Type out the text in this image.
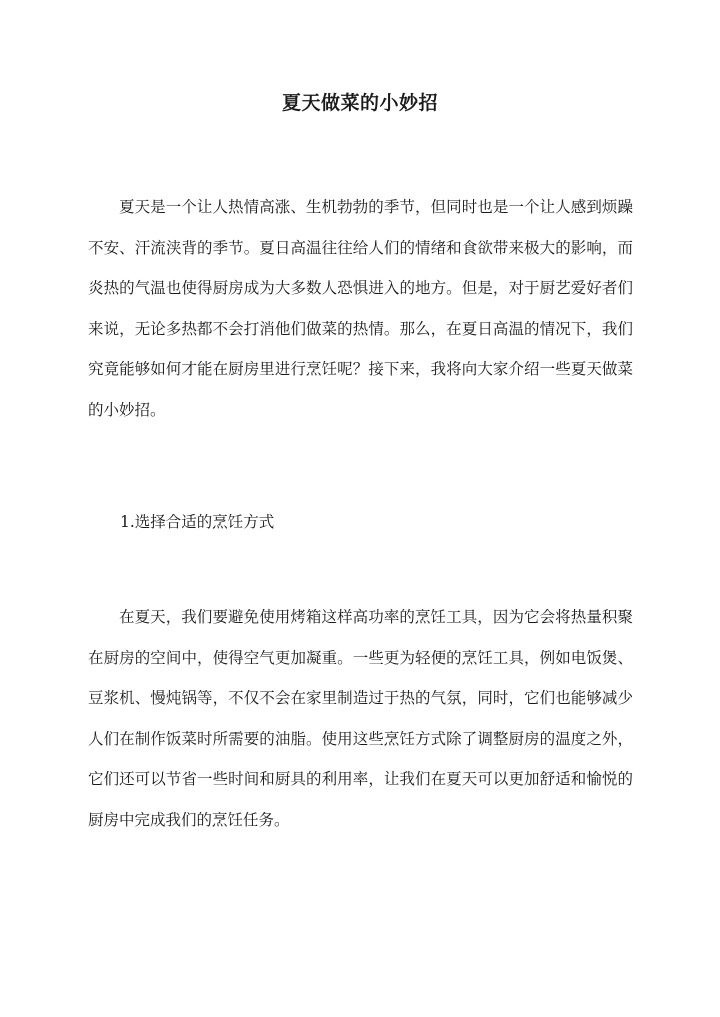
夏天做菜的小妙招

夏天是一个让人热情高涨、生机勃勃的季节，但同时也是一个让人感到烦躁不安、汗流浃背的季节。夏日高温往往给人们的情绪和食欲带来极大的影响，而炎热的气温也使得厨房成为大多数人恐惧进入的地方。但是，对于厨艺爱好者们来说，无论多热都不会打消他们做菜的热情。那么，在夏日高温的情况下，我们究竟能够如何才能在厨房里进行烹饪呢？接下来，我将向大家介绍一些夏天做菜的小妙招。

1.选择合适的烹饪方式

在夏天，我们要避免使用烤箱这样高功率的烹饪工具，因为它会将热量积聚在厨房的空间中，使得空气更加凝重。一些更为轻便的烹饪工具，例如电饭煲、豆浆机、慢炖锅等，不仅不会在家里制造过于热的气氛，同时，它们也能够减少人们在制作饭菜时所需要的油脂。使用这些烹饪方式除了调整厨房的温度之外，它们还可以节省一些时间和厨具的利用率，让我们在夏天可以更加舒适和愉悦的厨房中完成我们的烹饪任务。
